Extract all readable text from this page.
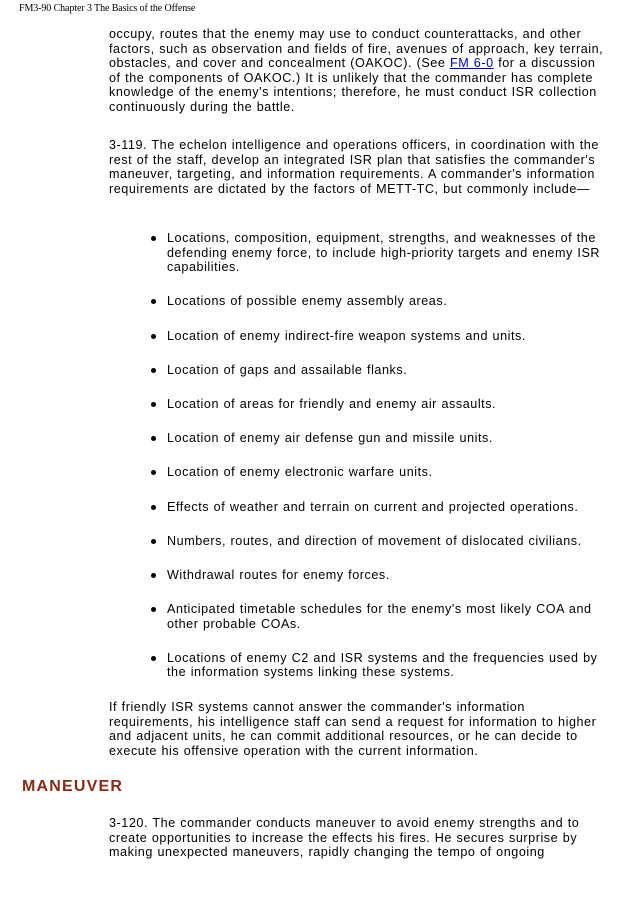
FM3-90 Chapter 3 The Basics of the Offense

occupy, routes that the enemy may use to conduct counterattacks, and other factors, such as observation and fields of fire, avenues of approach, key terrain, obstacles, and cover and concealment (OAKOC). (See FM 6-0 for a discussion of the components of OAKOC.) It is unlikely that the commander has complete knowledge of the enemy's intentions; therefore, he must conduct ISR collection continuously during the battle.

3-119. The echelon intelligence and operations officers, in coordination with the rest of the staff, develop an integrated ISR plan that satisfies the commander's maneuver, targeting, and information requirements. A commander's information requirements are dictated by the factors of METT-TC, but commonly include—

Locations, composition, equipment, strengths, and weaknesses of the defending enemy force, to include high-priority targets and enemy ISR capabilities.
Locations of possible enemy assembly areas.
Location of enemy indirect-fire weapon systems and units.
Location of gaps and assailable flanks.
Location of areas for friendly and enemy air assaults.
Location of enemy air defense gun and missile units.
Location of enemy electronic warfare units.
Effects of weather and terrain on current and projected operations.
Numbers, routes, and direction of movement of dislocated civilians.
Withdrawal routes for enemy forces.
Anticipated timetable schedules for the enemy's most likely COA and other probable COAs.
Locations of enemy C2 and ISR systems and the frequencies used by the information systems linking these systems.

If friendly ISR systems cannot answer the commander's information requirements, his intelligence staff can send a request for information to higher and adjacent units, he can commit additional resources, or he can decide to execute his offensive operation with the current information.

MANEUVER

3-120. The commander conducts maneuver to avoid enemy strengths and to create opportunities to increase the effects his fires. He secures surprise by making unexpected maneuvers, rapidly changing the tempo of ongoing
